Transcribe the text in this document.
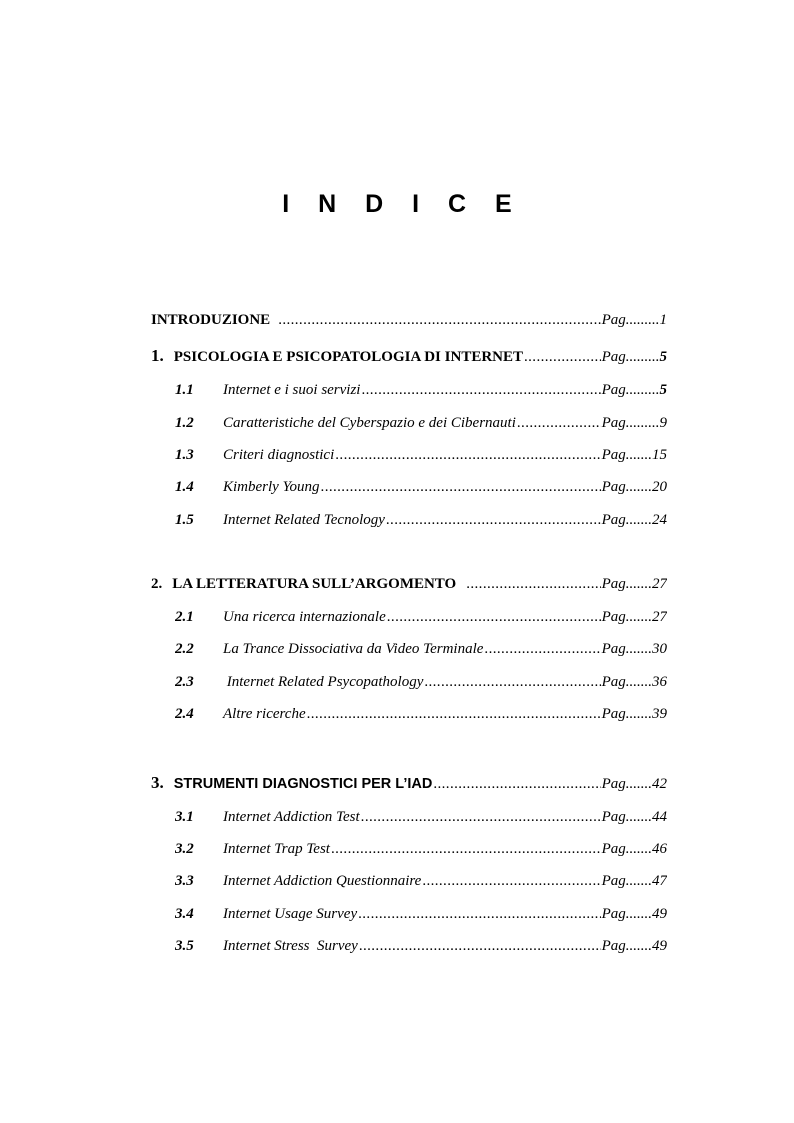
I N D I C E
INTRODUZIONE .....	Pag.........1
1. PSICOLOGIA E PSICOPATOLOGIA DI INTERNET .....	Pag.........5
1.1	Internet e i suoi servizi .....	Pag.........5
1.2	Caratteristiche del Cyberspazio e dei Cibernauti .....	Pag.........9
1.3	Criteri diagnostici .....	Pag.......15
1.4	Kimberly Young .....	Pag.......20
1.5	Internet Related Tecnology .....	Pag.......24
2. LA LETTERATURA SULL’ARGOMENTO .....	Pag.......27
2.1	Una ricerca internazionale .....	Pag.......27
2.2	La Trance Dissociativa da Video Terminale .....	Pag.......30
2.3	Internet Related Psycopathology .....	Pag.......36
2.4	Altre ricerche .....	Pag.......39
3. STRUMENTI DIAGNOSTICI PER L’IAD .....	Pag.......42
3.1	Internet Addiction Test .....	Pag.......44
3.2	Internet Trap Test .....	Pag.......46
3.3	Internet Addiction Questionnaire .....	Pag.......47
3.4	Internet Usage Survey .....	Pag.......49
3.5	Internet Stress  Survey .....	Pag.......49
